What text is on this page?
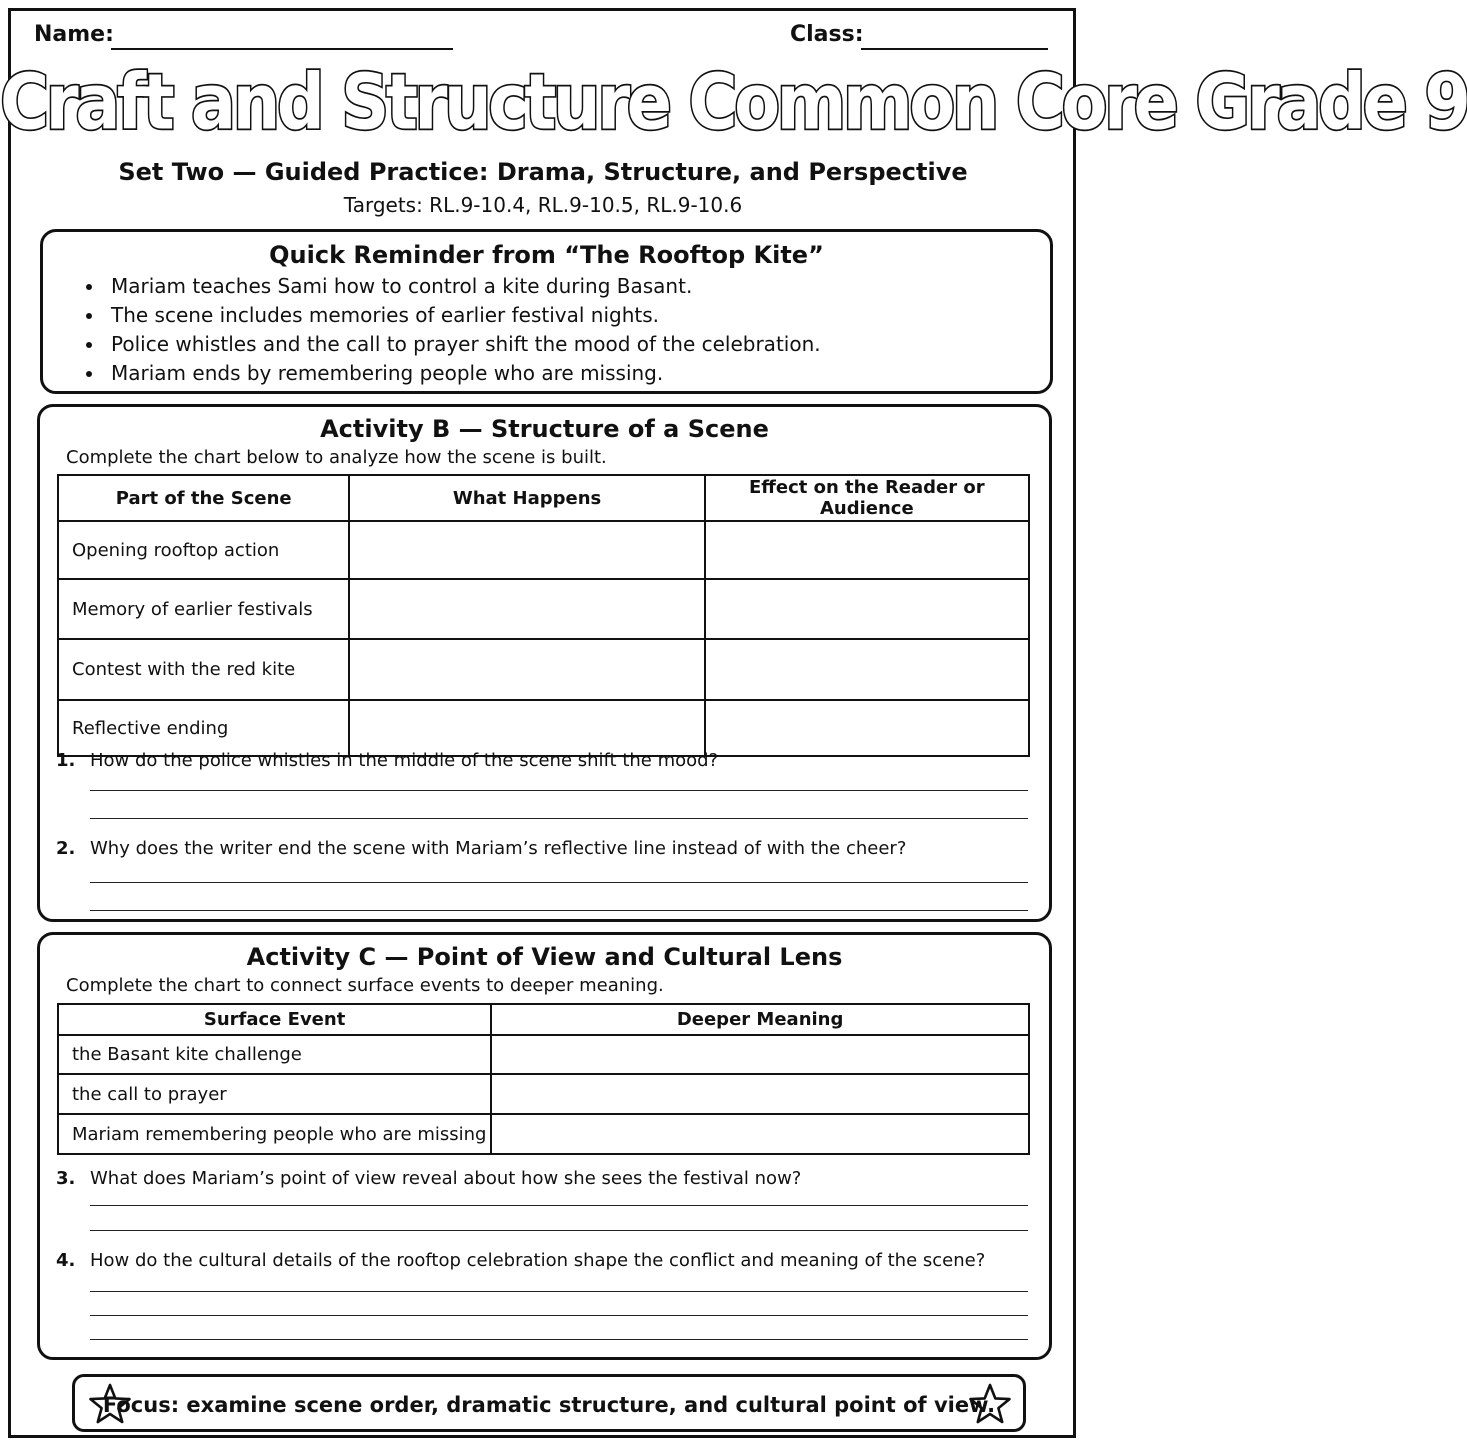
Name:	Class:
Craft and Structure Common Core Grade 9
Set Two — Guided Practice: Drama, Structure, and Perspective
Targets: RL.9-10.4, RL.9-10.5, RL.9-10.6
Quick Reminder from “The Rooftop Kite”
• Mariam teaches Sami how to control a kite during Basant.
• The scene includes memories of earlier festival nights.
• Police whistles and the call to prayer shift the mood of the celebration.
• Mariam ends by remembering people who are missing.
Activity B — Structure of a Scene
Complete the chart below to analyze how the scene is built.
Part of the Scene	What Happens	Effect on the Reader or Audience
Opening rooftop action		
Memory of earlier festivals		
Contest with the red kite		
Reflective ending		
1. How do the police whistles in the middle of the scene shift the mood?
2. Why does the writer end the scene with Mariam’s reflective line instead of with the cheer?
Activity C — Point of View and Cultural Lens
Complete the chart to connect surface events to deeper meaning.
Surface Event	Deeper Meaning
the Basant kite challenge	
the call to prayer	
Mariam remembering people who are missing	
3. What does Mariam’s point of view reveal about how she sees the festival now?
4. How do the cultural details of the rooftop celebration shape the conflict and meaning of the scene?
Focus: examine scene order, dramatic structure, and cultural point of view.
